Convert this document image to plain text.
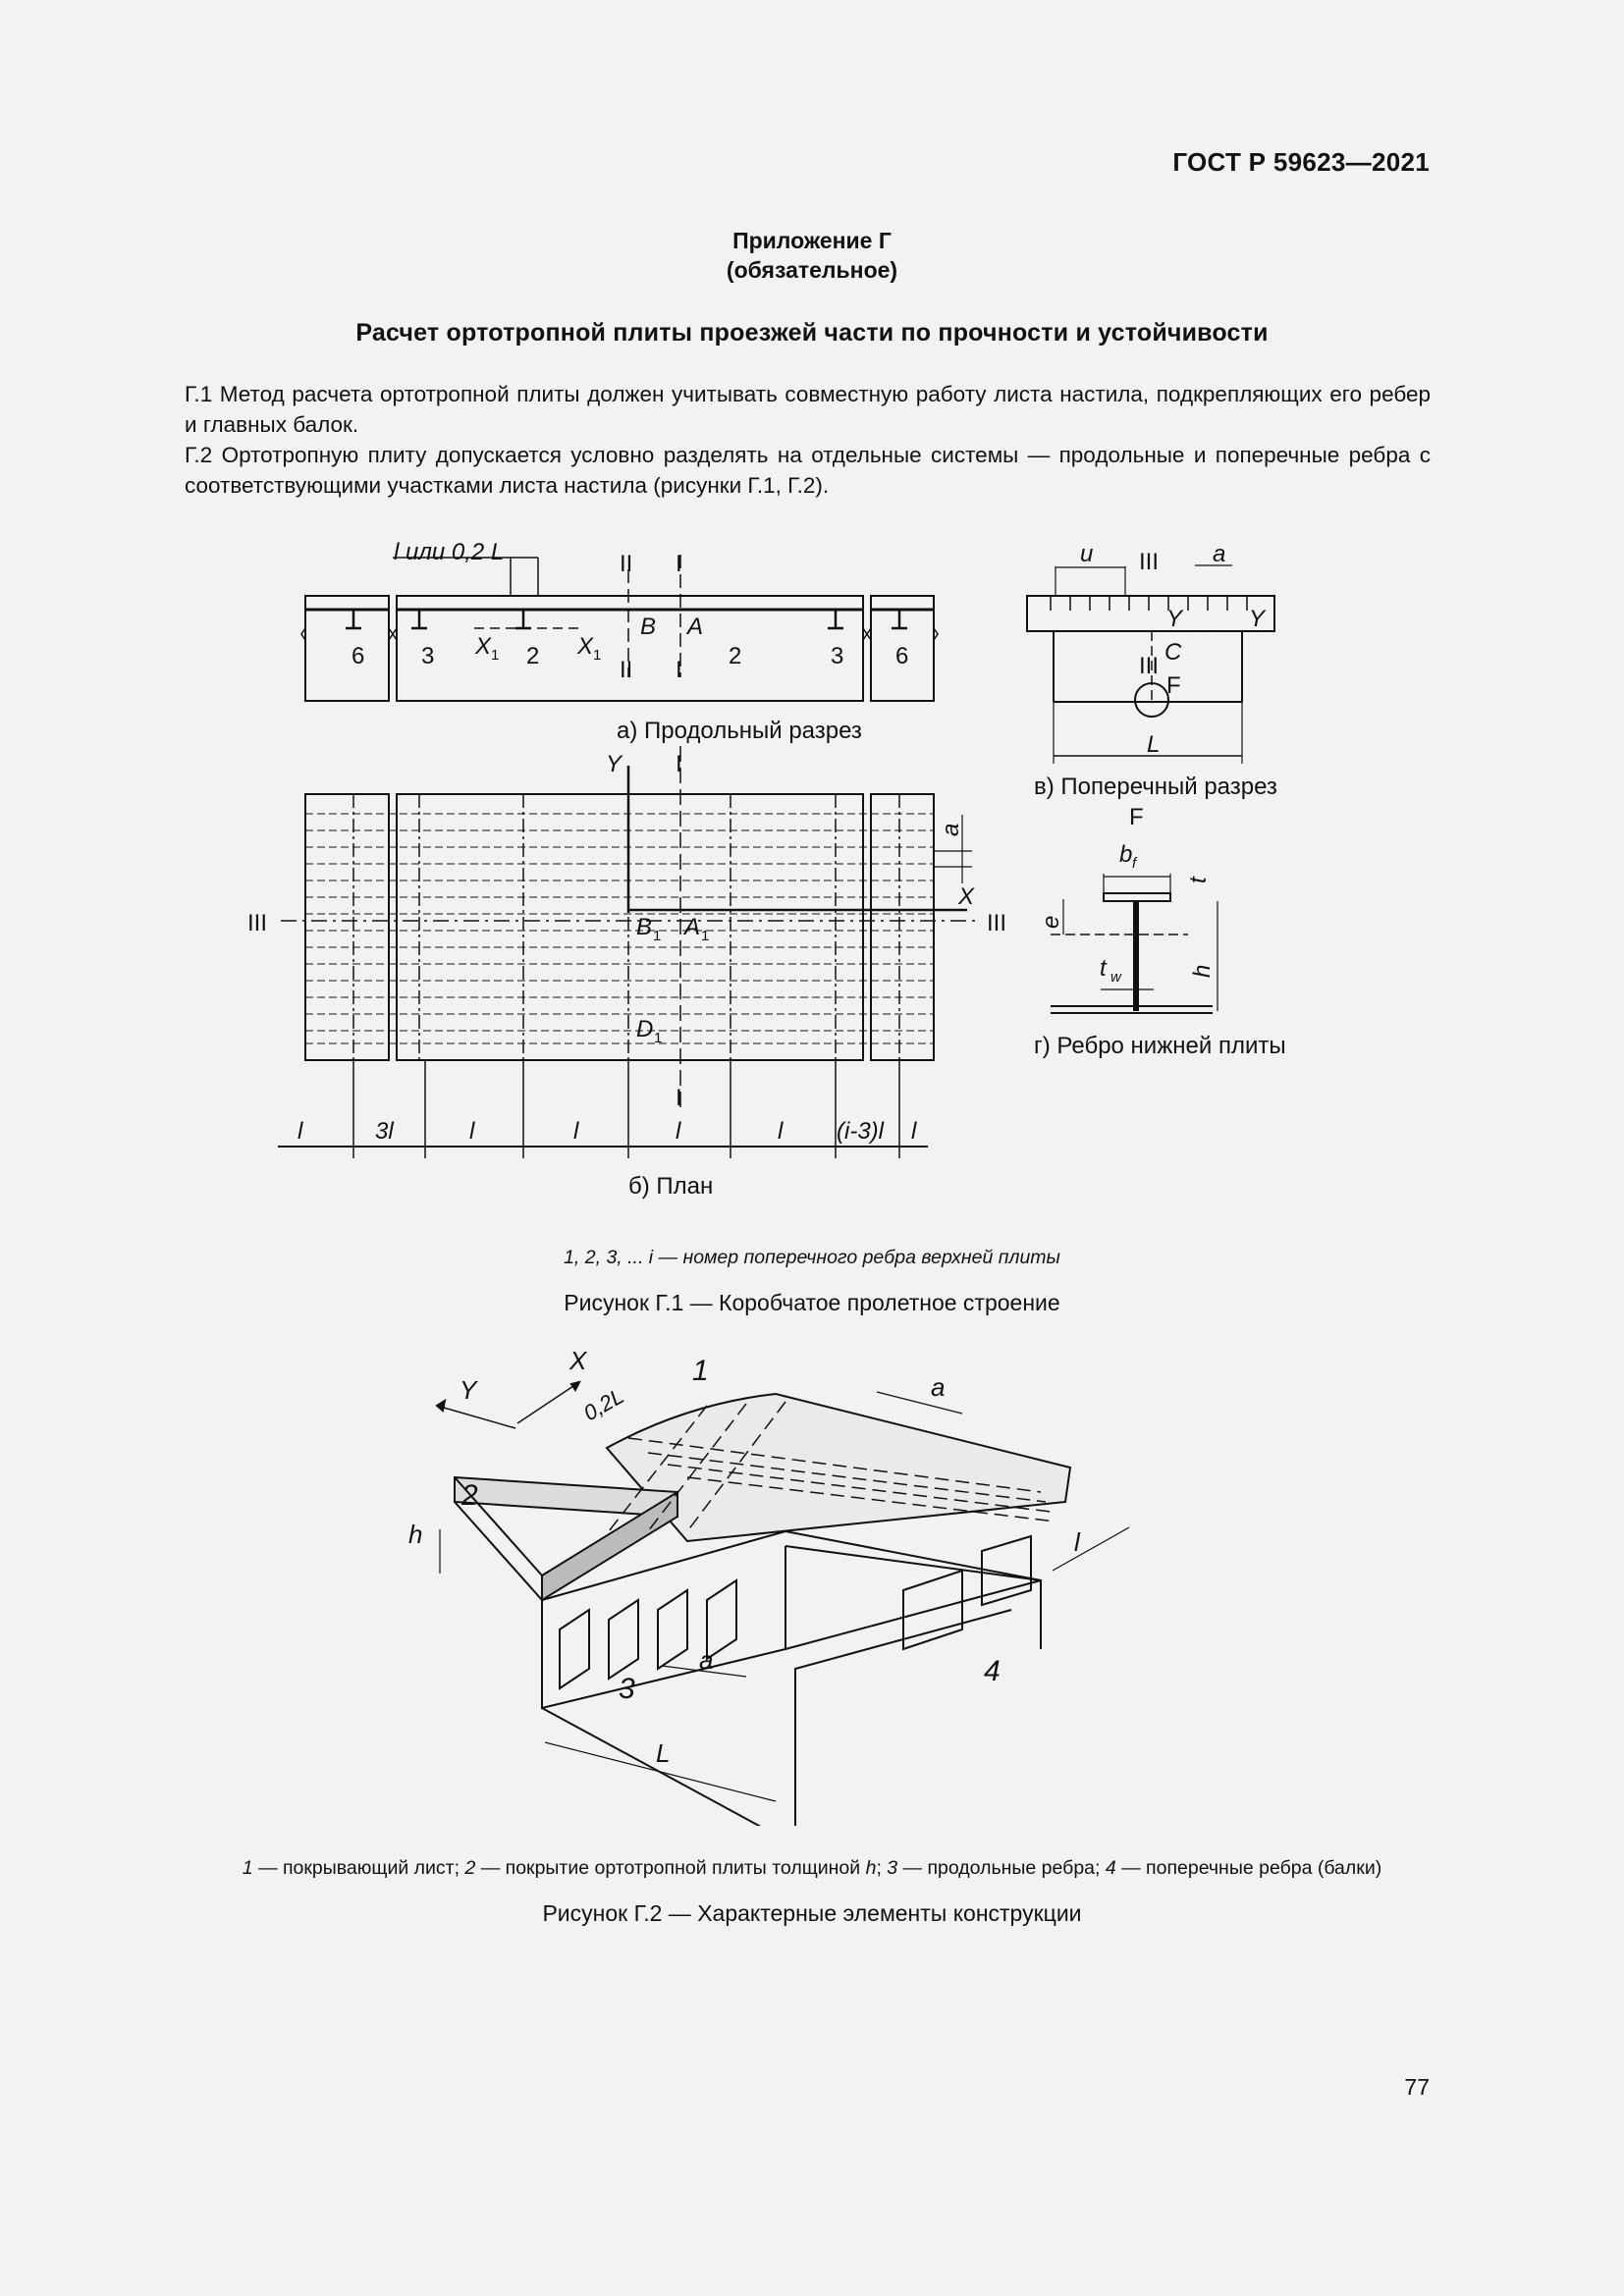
ГОСТ Р 59623—2021
Приложение Г
(обязательное)
Расчет ортотропной плиты проезжей части по прочности и устойчивости

Г.1 Метод расчета ортотропной плиты должен учитывать совместную работу листа настила, подкрепляющих его ребер и главных балок.

Г.2 Ортотропную плиту допускается условно разделять на отдельные системы — продольные и поперечные ребра с соответствующими участками листа настила (рисунки Г.1, Г.2).

l или 0,2 L	II I
II I
6 3 X 1 2 X 1
B A
2	3 6
а) Продольный разрез
Y I
X
III	III
B 1 A 1
D 1
I
a
l	3l	l	l	l	l (i-3)l l
б) План
u III a
Y	Y
C
III
F
L
в) Поперечный разрез
F
b f
t
e
h
t w
г) Ребро нижней плиты
1, 2, 3, ... i — номер поперечного ребра верхней плиты
Рисунок Г.1 — Коробчатое пролетное строение
X
Y	0,2L
1	a
2
h	l
a
3
4
L
1 — покрывающий лист; 2 — покрытие ортотропной плиты толщиной h; 3 — продольные ребра; 4 — поперечные ребра (балки)
Рисунок Г.2 — Характерные элементы конструкции
77
